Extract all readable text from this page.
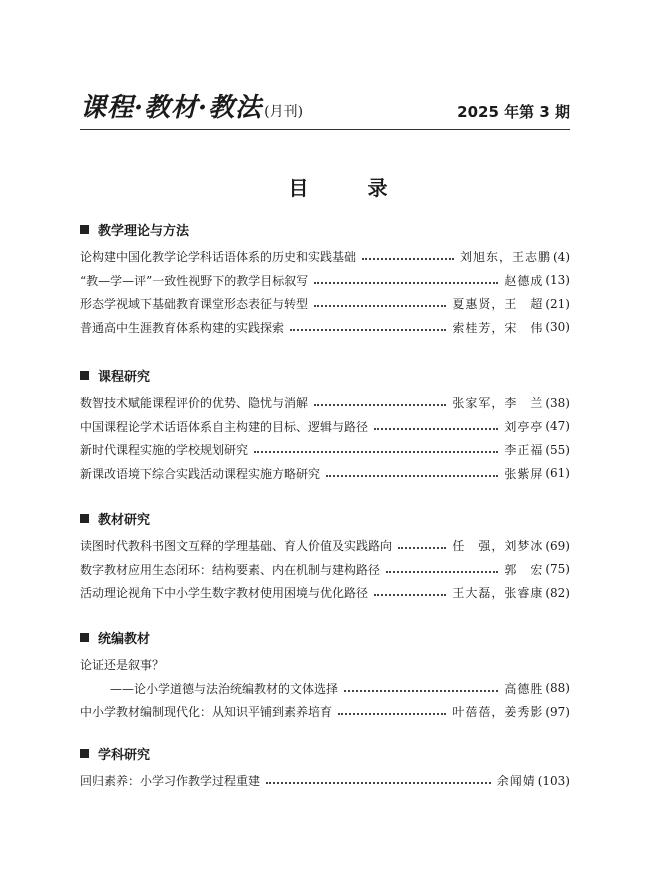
课程·教材·教法 (月刊)	2025 年第 3 期
目 录
教学理论与方法
论构建中国化教学论学科话语体系的历史和实践基础	刘旭东，王志鹏 (4)
“教—学—评”一致性视野下的教学目标叙写	赵德成 (13)
形态学视域下基础教育课堂形态表征与转型	夏惠贤，王　超 (21)
普通高中生涯教育体系构建的实践探索	索桂芳，宋　伟 (30)
课程研究
数智技术赋能课程评价的优势、隐忧与消解	张家军，李　兰 (38)
中国课程论学术话语体系自主构建的目标、逻辑与路径	刘亭亭 (47)
新时代课程实施的学校规划研究	李正福 (55)
新课改语境下综合实践活动课程实施方略研究	张紫屏 (61)
教材研究
读图时代教科书图文互释的学理基础、育人价值及实践路向	任　强，刘梦冰 (69)
数字教材应用生态闭环：结构要素、内在机制与建构路径	郭　宏 (75)
活动理论视角下中小学生数字教材使用困境与优化路径	王大磊，张睿康 (82)
统编教材
论证还是叙事？
——论小学道德与法治统编教材的文体选择	高德胜 (88)
中小学教材编制现代化：从知识平铺到素养培育	叶蓓蓓，姜秀影 (97)
学科研究
回归素养：小学习作教学过程重建	余闻婧 (103)
